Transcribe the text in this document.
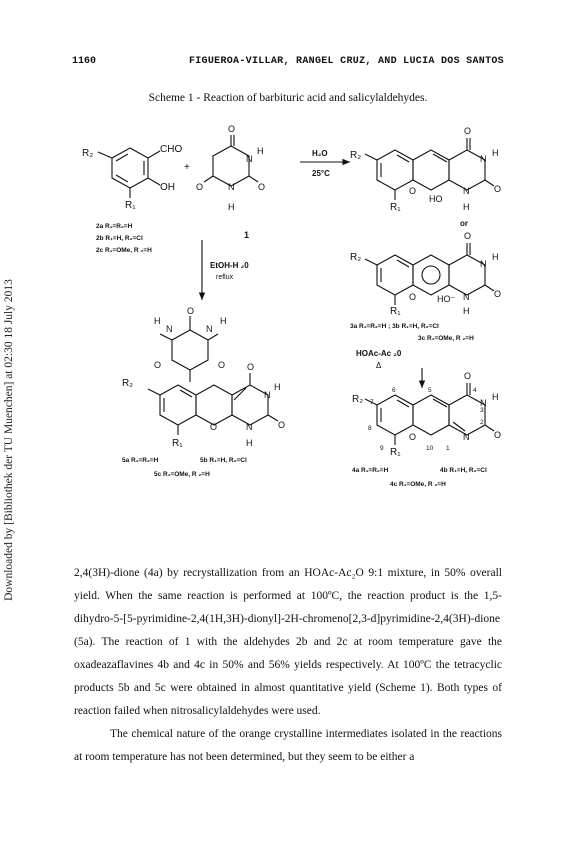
Downloaded by [Bibliothek der TU Muenchen] at 02:30 18 July 2013
1160	FIGUEROA-VILLAR, RANGEL CRUZ, AND LUCIA DOS SANTOS
Scheme 1 - Reaction of barbituric acid and salicylaldehydes.
R₂	CHO
OH
R₁
+
2a R₁=R₂=H
2b R₁=H, R₂=Cl
2c R₁=OMe, R ₂=H
O
N
H
O	N	O
H
1
H₂O
25°C
EtOH-H ₂0
reflux
HOAc-Ac ₂0
Δ
R₂
O
N
H
O
HO
N	O
H
R₁
or
O
N
H
R₂
O	N	O
HO⁻
H
R₁
3a R₁=R₂=H ; 3b R₁=H, R₂=Cl
3c R₁=OMe, R ₂=H
O
H
N	N
H
O	O
R₂
O
N
H
O	N	O
H
R₁
5a R₁=R₂=H	5b R₁=H, R₂=Cl
5c R₁=OMe, R ₂=H
R₂
O
N
H
O	N	O
R₁	1
2
3
4
5
6
7
8
9	10
4a R₁=R₂=H	4b R₁=H, R₂=Cl
4c R₁=OMe, R ₂=H

2,4(3H)-dione (4a) by recrystallization from an HOAc-Ac₂O 9:1 mixture, in 50% overall yield. When the same reaction is performed at 100ºC, the reaction product is the 1,5-dihydro-5-[5-pyrimidine-2,4(1H,3H)-dionyl]-2H-chromeno[2,3-d]pyrimidine-2,4(3H)-dione (5a). The reaction of 1 with the aldehydes 2b and 2c at room temperature gave the oxadeazaflavines 4b and 4c in 50% and 56% yields respectively. At 100ºC the tetracyclic products 5b and 5c were obtained in almost quantitative yield (Scheme 1). Both types of reaction failed when nitrosalicylaldehydes were used.

The chemical nature of the orange crystalline intermediates isolated in the reactions at room temperature has not been determined, but they seem to be either a
